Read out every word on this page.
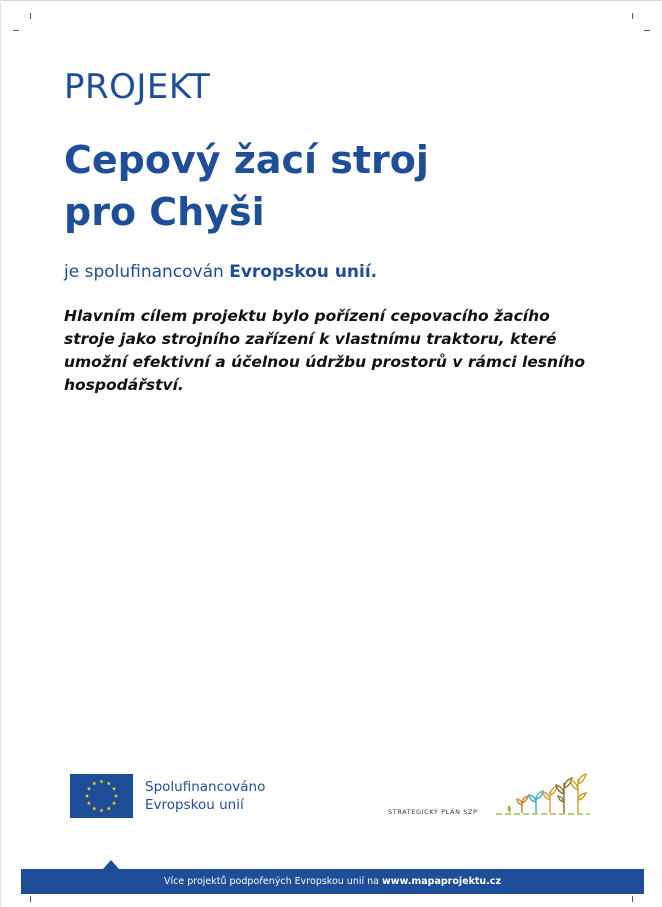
PROJEKT
Cepový žací stroj
pro Chyši
je spolufinancován Evropskou unií.
Hlavním cílem projektu bylo pořízení cepovacího žacího stroje jako strojního zařízení k vlastnímu traktoru, které umožní efektivní a účelnou údržbu prostorů v rámci lesního hospodářství.
Spolufinancováno
Evropskou unií	STRATEGICKÝ PLÁN SZP
Více projektů podpořených Evropskou unií na www.mapaprojektu.cz
